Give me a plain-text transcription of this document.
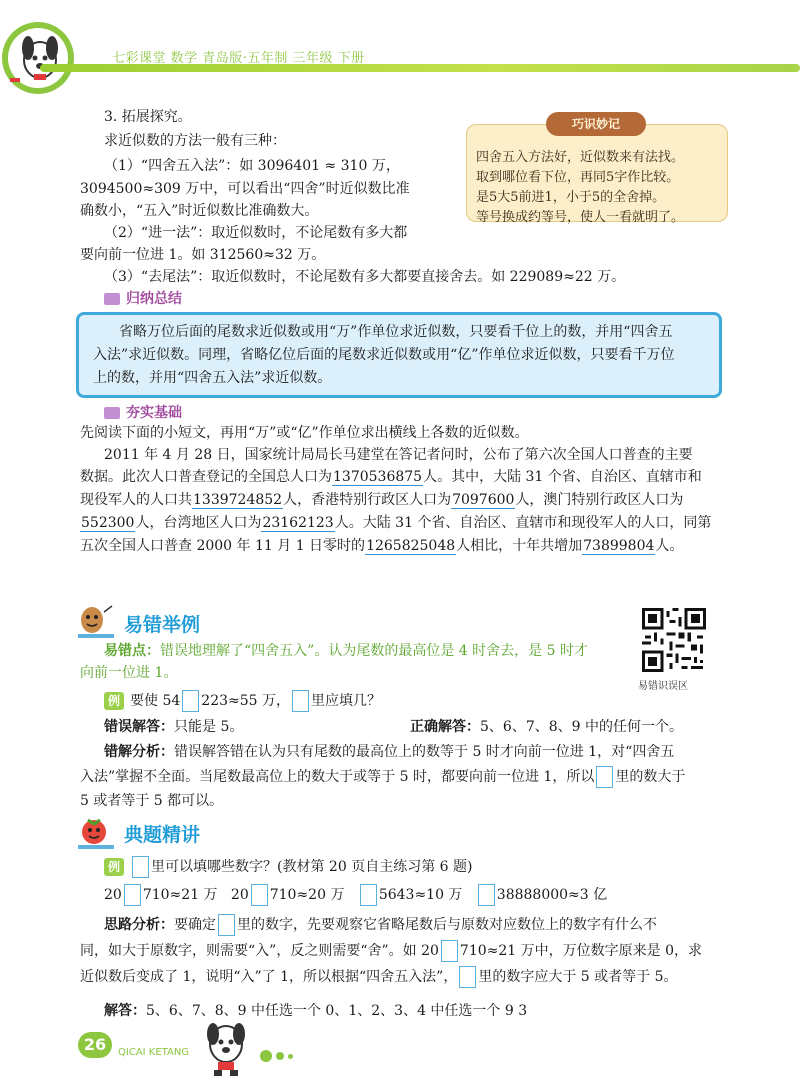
七彩课堂 数学 青岛版·五年制 三年级 下册
3. 拓展探究。
求近似数的方法一般有三种：
（1）“四舍五入法”：如 3096401 ≈ 310 万，
3094500≈309 万中，可以看出“四舍”时近似数比准
确数小，“五入”时近似数比准确数大。
（2）“进一法”：取近似数时，不论尾数有多大都
要向前一位进 1。如 312560≈32 万。
（3）“去尾法”：取近似数时，不论尾数有多大都要直接舍去。如 229089≈22 万。
巧识妙记
四舍五入方法好，近似数来有法找。
取到哪位看下位，再同5字作比较。
是5大5前进1，小于5的全舍掉。
等号换成约等号，使人一看就明了。
归纳总结

省略万位后面的尾数求近似数或用“万”作单位求近似数，只要看千位上的数，并用“四舍五

入法”求近似数。同理，省略亿位后面的尾数求近似数或用“亿”作单位求近似数，只要看千万位

上的数，并用“四舍五入法”求近似数。

夯实基础
先阅读下面的小短文，再用“万”或“亿”作单位求出横线上各数的近似数。
2011 年 4 月 28 日，国家统计局局长马建堂在答记者问时，公布了第六次全国人口普查的主要
数据。此次人口普查登记的全国总人口为1370536875人。其中，大陆 31 个省、自治区、直辖市和
现役军人的人口共1339724852人，香港特别行政区人口为7097600人，澳门特别行政区人口为
552300人，台湾地区人口为23162123人。大陆 31 个省、自治区、直辖市和现役军人的人口，同第
五次全国人口普查 2000 年 11 月 1 日零时的1265825048人相比，十年共增加73899804人。
易错举例
易错点：错误地理解了“四舍五入”。认为尾数的最高位是 4 时舍去，是 5 时才
向前一位进 1。
易错识误区
例 要使 54 223≈55 万， 里应填几？
错误解答：只能是 5。	正确解答：5、6、7、8、9 中的任何一个。
错解分析：错误解答错在认为只有尾数的最高位上的数等于 5 时才向前一位进 1，对“四舍五
入法”掌握不全面。当尾数最高位上的数大于或等于 5 时，都要向前一位进 1，所以 里的数大于
5 或者等于 5 都可以。
典题精讲
例 里可以填哪些数字？(教材第 20 页自主练习第 6 题)
20 710≈21 万 20 710≈20 万 5643≈10 万 38888000≈3 亿
思路分析：要确定 里的数字，先要观察它省略尾数后与原数对应数位上的数字有什么不
同，如大于原数字，则需要“入”，反之则需要“舍”。如 20 710≈21 万中，万位数字原来是 0，求
近似数后变成了 1，说明“入”了 1，所以根据“四舍五入法”， 里的数字应大于 5 或者等于 5。
解答：5、6、7、8、9 中任选一个 0、1、2、3、4 中任选一个 9 3
26	QICAI KETANG
